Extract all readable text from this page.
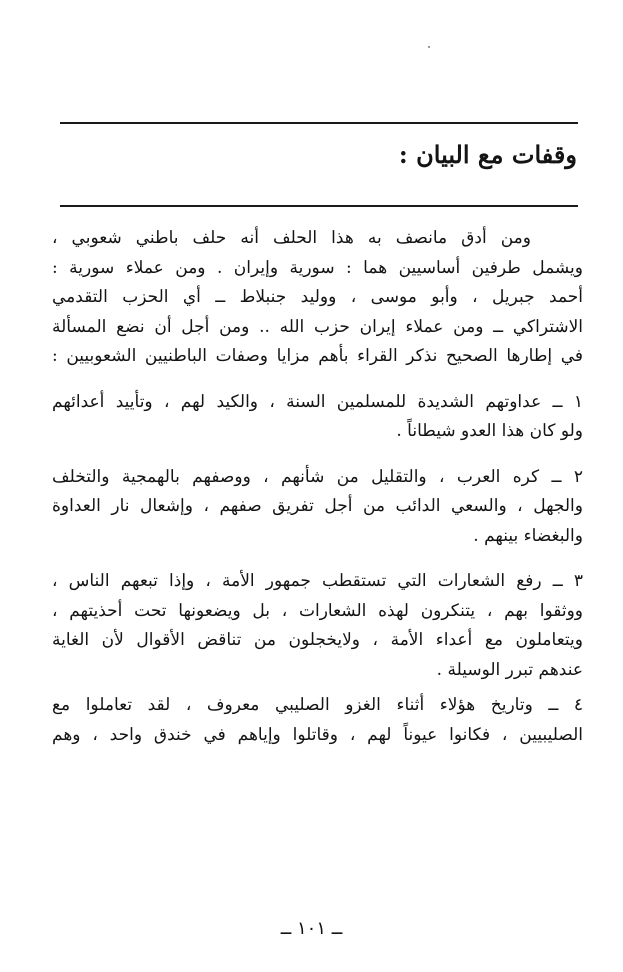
وقفات مع البيان :
ومن أدق مانصف به هذا الحلف أنه حلف باطني شعوبي ،
ويشمل طرفين أساسيين هما : سورية وإيران . ومن عملاء سورية :
أحمد جبريل ، وأبو موسى ، ووليد جنبلاط ــ أي الحزب التقدمي
الاشتراكي ــ ومن عملاء إيران حزب الله .. ومن أجل أن نضع المسألة
في إطارها الصحيح نذكر القراء بأهم مزايا وصفات الباطنيين الشعوبيين :
١ ــ عداوتهم الشديدة للمسلمين السنة ، والكيد لهم ، وتأييد أعدائهم
ولو كان هذا العدو شيطاناً .
٢ ــ كره العرب ، والتقليل من شأنهم ، ووصفهم بالهمجية والتخلف
والجهل ، والسعي الدائب من أجل تفريق صفهم ، وإشعال نار العداوة
والبغضاء بينهم .
٣ ــ رفع الشعارات التي تستقطب جمهور الأمة ، وإذا تبعهم الناس ،
ووثقوا بهم ، يتنكرون لهذه الشعارات ، بل ويضعونها تحت أحذيتهم ،
ويتعاملون مع أعداء الأمة ، ولايخجلون من تناقض الأقوال لأن الغاية
عندهم تبرر الوسيلة .
٤ ــ وتاريخ هؤلاء أثناء الغزو الصليبي معروف ، لقد تعاملوا مع
الصليبيين ، فكانوا عيوناً لهم ، وقاتلوا وإياهم في خندق واحد ، وهم
ــ ١٠١ ــ
